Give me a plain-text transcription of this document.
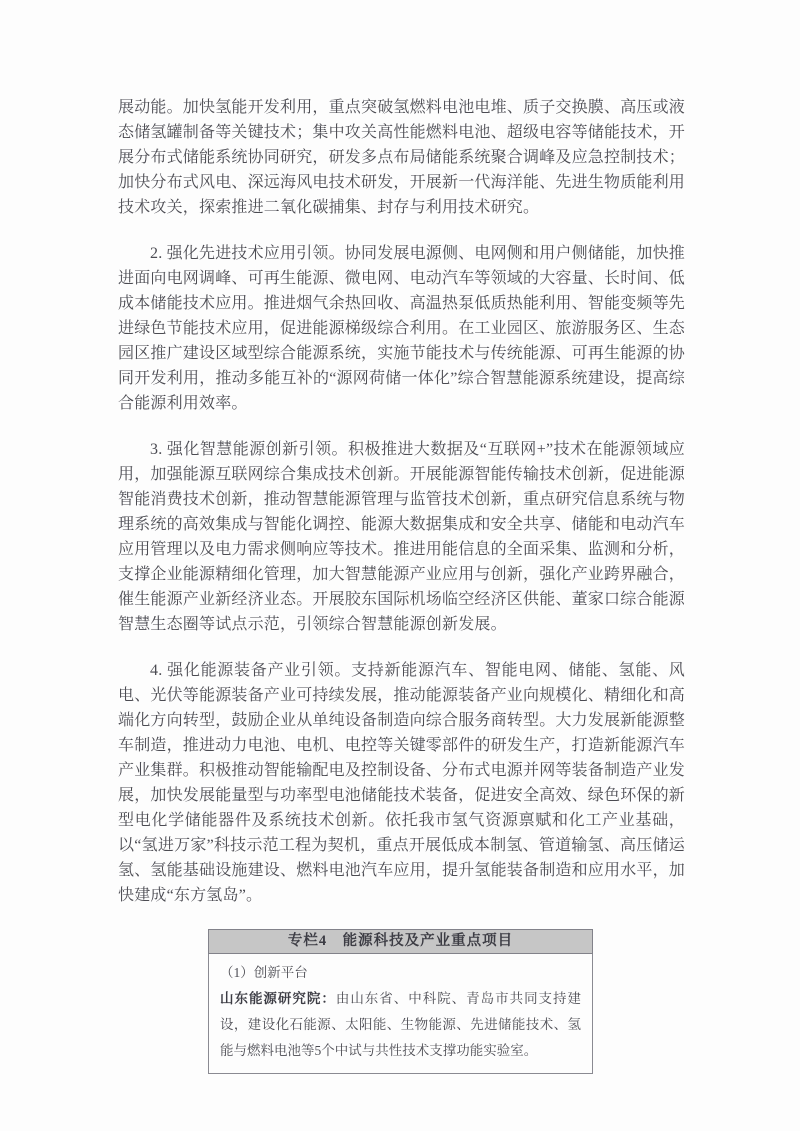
展动能。加快氢能开发利用，重点突破氢燃料电池电堆、质子交换膜、高压或液态储氢罐制备等关键技术；集中攻关高性能燃料电池、超级电容等储能技术，开展分布式储能系统协同研究，研发多点布局储能系统聚合调峰及应急控制技术；加快分布式风电、深远海风电技术研发，开展新一代海洋能、先进生物质能利用技术攻关，探索推进二氧化碳捕集、封存与利用技术研究。

2. 强化先进技术应用引领。协同发展电源侧、电网侧和用户侧储能，加快推进面向电网调峰、可再生能源、微电网、电动汽车等领域的大容量、长时间、低成本储能技术应用。推进烟气余热回收、高温热泵低质热能利用、智能变频等先进绿色节能技术应用，促进能源梯级综合利用。在工业园区、旅游服务区、生态园区推广建设区域型综合能源系统，实施节能技术与传统能源、可再生能源的协同开发利用，推动多能互补的“源网荷储一体化”综合智慧能源系统建设，提高综合能源利用效率。

3. 强化智慧能源创新引领。积极推进大数据及“互联网+”技术在能源领域应用，加强能源互联网综合集成技术创新。开展能源智能传输技术创新，促进能源智能消费技术创新，推动智慧能源管理与监管技术创新，重点研究信息系统与物理系统的高效集成与智能化调控、能源大数据集成和安全共享、储能和电动汽车应用管理以及电力需求侧响应等技术。推进用能信息的全面采集、监测和分析，支撑企业能源精细化管理，加大智慧能源产业应用与创新，强化产业跨界融合，催生能源产业新经济业态。开展胶东国际机场临空经济区供能、董家口综合能源智慧生态圈等试点示范，引领综合智慧能源创新发展。

4. 强化能源装备产业引领。支持新能源汽车、智能电网、储能、氢能、风电、光伏等能源装备产业可持续发展，推动能源装备产业向规模化、精细化和高端化方向转型，鼓励企业从单纯设备制造向综合服务商转型。大力发展新能源整车制造，推进动力电池、电机、电控等关键零部件的研发生产，打造新能源汽车产业集群。积极推动智能输配电及控制设备、分布式电源并网等装备制造产业发展，加快发展能量型与功率型电池储能技术装备，促进安全高效、绿色环保的新型电化学储能器件及系统技术创新。依托我市氢气资源禀赋和化工产业基础，以“氢进万家”科技示范工程为契机，重点开展低成本制氢、管道输氢、高压储运氢、氢能基础设施建设、燃料电池汽车应用，提升氢能装备制造和应用水平，加快建成“东方氢岛”。

专栏4　能源科技及产业重点项目

（1）创新平台

山东能源研究院：由山东省、中科院、青岛市共同支持建设，建设化石能源、太阳能、生物能源、先进储能技术、氢能与燃料电池等5个中试与共性技术支撑功能实验室。
